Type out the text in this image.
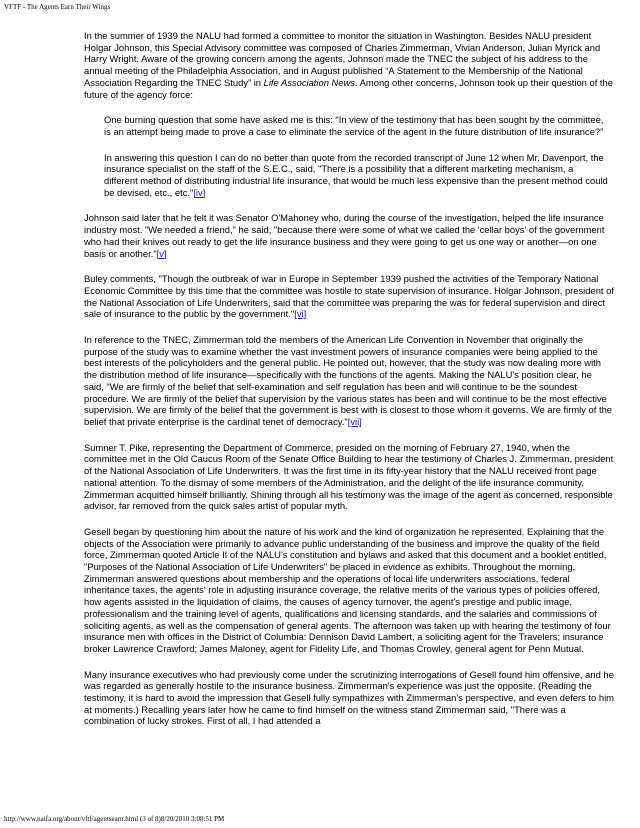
VFTF - The Agents Earn Their Wings

In the summer of 1939 the NALU had formed a committee to monitor the situation in Washington. Besides NALU president Holgar Johnson, this Special Advisory committee was composed of Charles Zimmerman, Vivian Anderson, Julian Myrick and Harry Wright. Aware of the growing concern among the agents, Johnson made the TNEC the subject of his address to the annual meeting of the Philadelphia Association, and in August published “A Statement to the Membership of the National Association Regarding the TNEC Study” in Life Association News. Among other concerns, Johnson took up their question of the future of the agency force:

One burning question that some have asked me is this: "In view of the testimony that has been sought by the committee, is an attempt being made to prove a case to eliminate the service of the agent in the future distribution of life insurance?"

In answering this question I can do no better than quote from the recorded transcript of June 12 when Mr. Davenport, the insurance specialist on the staff of the S.E.C., said, "There is a possibility that a different marketing mechanism, a different method of distributing industrial life insurance, that would be much less expensive than the present method could be devised, etc., etc."[iv]

Johnson said later that he felt it was Senator O'Mahoney who, during the course of the investigation, helped the life insurance industry most. "We needed a friend," he said, "because there were some of what we called the 'cellar boys' of the government who had their knives out ready to get the life insurance business and they were going to get us one way or another—on one basis or another."[v]

Buley comments, "Though the outbreak of war in Europe in September 1939 pushed the activities of the Temporary National Economic Committee by this time that the committee was hostile to state supervision of insurance. Holgar Johnson, president of the National Association of Life Underwriters, said that the committee was preparing the was for federal supervision and direct sale of insurance to the public by the government."[vi]

In reference to the TNEC, Zimmerman told the members of the American Life Convention in November that originally the purpose of the study was to examine whether the vast investment powers of insurance companies were being applied to the best interests of the policyholders and the general public. He pointed out, however, that the study was now dealing more with the distribution method of life insurance—specifically with the functions of the agents. Making the NALU's position clear, he said, "We are firmly of the belief that self-examination and self regulation has been and will continue to be the soundest procedure. We are firmly of the belief that supervision by the various states has been and will continue to be the most effective supervision. We are firmly of the belief that the government is best with is closest to those whom it governs. We are firmly of the belief that private enterprise is the cardinal tenet of democracy."[vii]

Sumner T. Pike, representing the Department of Commerce, presided on the morning of February 27, 1940, when the committee met in the Old Caucus Room of the Senate Office Building to hear the testimony of Charles J. Zimmerman, president of the National Association of Life Underwriters. It was the first time in its fifty-year history that the NALU received front page national attention. To the dismay of some members of the Administration, and the delight of the life insurance community, Zimmerman acquitted himself brilliantly. Shining through all his testimony was the image of the agent as concerned, responsible advisor, far removed from the quick sales artist of popular myth.

Gesell began by questioning him about the nature of his work and the kind of organization he represented. Explaining that the objects of the Association were primarily to advance public understanding of the business and improve the quality of the field force, Zimmerman quoted Article II of the NALU's constitution and bylaws and asked that this document and a booklet entitled, "Purposes of the National Association of Life Underwriters" be placed in evidence as exhibits. Throughout the morning, Zimmerman answered questions about membership and the operations of local life underwriters associations, federal inheritance taxes, the agents' role in adjusting insurance coverage, the relative merits of the various types of policies offered, how agents assisted in the liquidation of claims, the causes of agency turnover, the agent's prestige and public image, professionalism and the training level of agents, qualifications and licensing standards, and the salaries and commissions of soliciting agents, as well as the compensation of general agents. The afternoon was taken up with hearing the testimony of four insurance men with offices in the District of Columbia: Dennison David Lambert, a soliciting agent for the Travelers; insurance broker Lawrence Crawford; James Maloney, agent for Fidelity Life, and Thomas Crowley, general agent for Penn Mutual.

Many insurance executives who had previously come under the scrutinizing interrogations of Gesell found him offensive, and he was regarded as generally hostile to the insurance business. Zimmerman's experience was just the opposite. (Reading the testimony, it is hard to avoid the impression that Gesell fully sympathizes with Zimmerman's perspective, and even defers to him at moments.) Recalling years later how he came to find himself on the witness stand Zimmerman said, "There was a combination of lucky strokes. First of all, I had attended a

http://www.naifa.org/about/vftf/agentsearn.html (3 of 8)8/20/2010 3:08:51 PM
